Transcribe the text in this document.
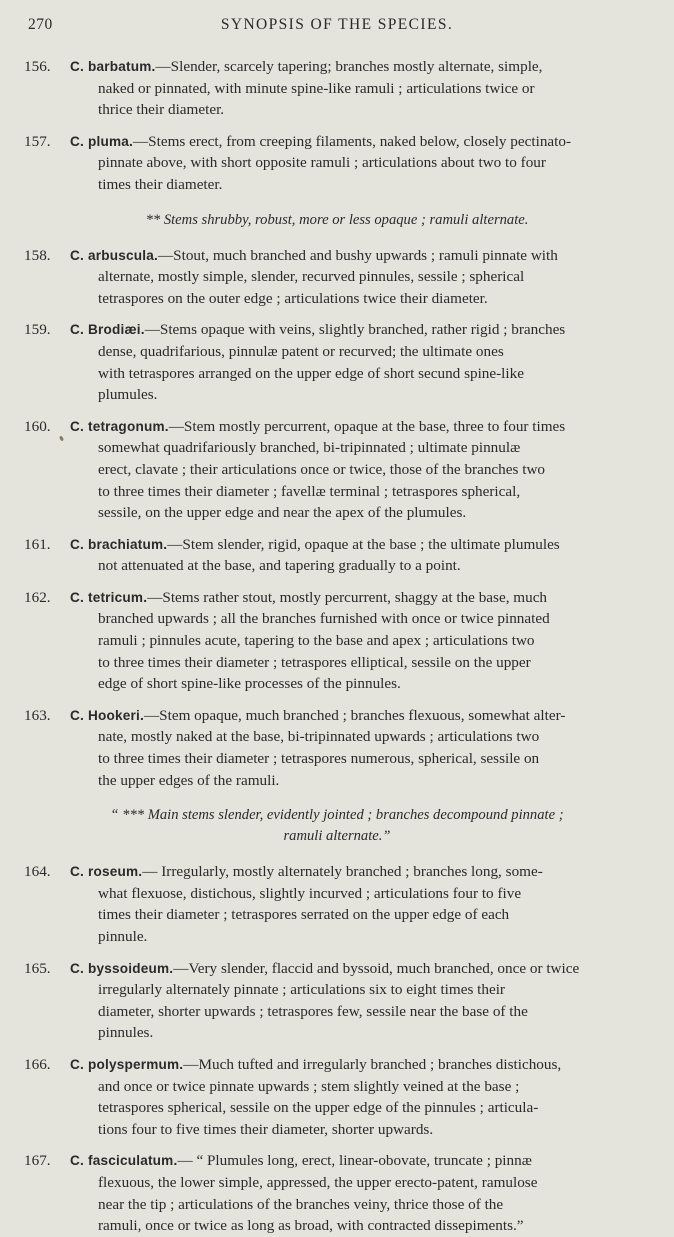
270	SYNOPSIS OF THE SPECIES.
156. C. barbatum.—Slender, scarcely tapering; branches mostly alternate, simple,
naked or pinnated, with minute spine-like ramuli ; articulations twice or
thrice their diameter.
157. C. pluma.—Stems erect, from creeping filaments, naked below, closely pectinato-
pinnate above, with short opposite ramuli ; articulations about two to four
times their diameter.
** Stems shrubby, robust, more or less opaque ; ramuli alternate.
158. C. arbuscula.—Stout, much branched and bushy upwards ; ramuli pinnate with
alternate, mostly simple, slender, recurved pinnules, sessile ; spherical
tetraspores on the outer edge ; articulations twice their diameter.
159. C. Brodiæi.—Stems opaque with veins, slightly branched, rather rigid ; branches
dense, quadrifarious, pinnulæ patent or recurved; the ultimate ones
with tetraspores arranged on the upper edge of short secund spine-like
plumules.
160. C. tetragonum.—Stem mostly percurrent, opaque at the base, three to four times
somewhat quadrifariously branched, bi-tripinnated ; ultimate pinnulæ
erect, clavate ; their articulations once or twice, those of the branches two
to three times their diameter ; favellæ terminal ; tetraspores spherical,
sessile, on the upper edge and near the apex of the plumules.
161. C. brachiatum.—Stem slender, rigid, opaque at the base ; the ultimate plumules
not attenuated at the base, and tapering gradually to a point.
162. C. tetricum.—Stems rather stout, mostly percurrent, shaggy at the base, much
branched upwards ; all the branches furnished with once or twice pinnated
ramuli ; pinnules acute, tapering to the base and apex ; articulations two
to three times their diameter ; tetraspores elliptical, sessile on the upper
edge of short spine-like processes of the pinnules.
163. C. Hookeri.—Stem opaque, much branched ; branches flexuous, somewhat alter-
nate, mostly naked at the base, bi-tripinnated upwards ; articulations two
to three times their diameter ; tetraspores numerous, spherical, sessile on
the upper edges of the ramuli.
“ *** Main stems slender, evidently jointed ; branches decompound pinnate ;
ramuli alternate.”
164. C. roseum.— Irregularly, mostly alternately branched ; branches long, some-
what flexuose, distichous, slightly incurved ; articulations four to five
times their diameter ; tetraspores serrated on the upper edge of each
pinnule.
165. C. byssoideum.—Very slender, flaccid and byssoid, much branched, once or twice
irregularly alternately pinnate ; articulations six to eight times their
diameter, shorter upwards ; tetraspores few, sessile near the base of the
pinnules.
166. C. polyspermum.—Much tufted and irregularly branched ; branches distichous,
and once or twice pinnate upwards ; stem slightly veined at the base ;
tetraspores spherical, sessile on the upper edge of the pinnules ; articula-
tions four to five times their diameter, shorter upwards.
167. C. fasciculatum.— “ Plumules long, erect, linear-obovate, truncate ; pinnæ
flexuous, the lower simple, appressed, the upper erecto-patent, ramulose
near the tip ; articulations of the branches veiny, thrice those of the
ramuli, once or twice as long as broad, with contracted dissepiments.”
